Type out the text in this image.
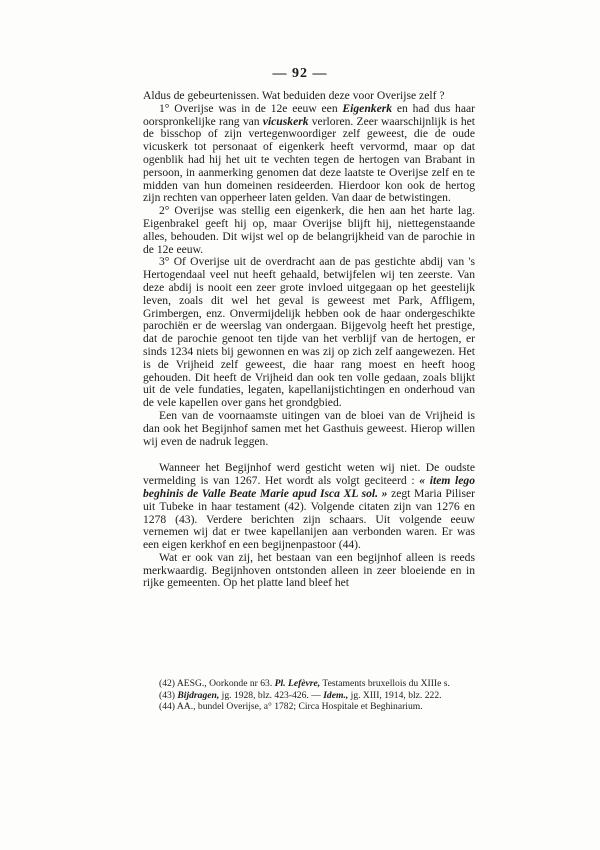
— 92 —

Aldus de gebeurtenissen. Wat beduiden deze voor Overijse zelf ?

1° Overijse was in de 12e eeuw een Eigenkerk en had dus haar oorspronkelijke rang van vicuskerk verloren. Zeer waarschijnlijk is het de bisschop of zijn vertegenwoordiger zelf geweest, die de oude vicuskerk tot personaat of eigenkerk heeft vervormd, maar op dat ogenblik had hij het uit te vechten tegen de hertogen van Brabant in persoon, in aanmerking genomen dat deze laatste te Overijse zelf en te midden van hun domeinen resideerden. Hierdoor kon ook de hertog zijn rechten van opperheer laten gelden. Van daar de betwistingen.

2° Overijse was stellig een eigenkerk, die hen aan het harte lag. Eigenbrakel geeft hij op, maar Overijse blijft hij, niettegenstaande alles, behouden. Dit wijst wel op de belangrijkheid van de parochie in de 12e eeuw.

3° Of Overijse uit de overdracht aan de pas gestichte abdij van 's Hertogendaal veel nut heeft gehaald, betwijfelen wij ten zeerste. Van deze abdij is nooit een zeer grote invloed uitgegaan op het geestelijk leven, zoals dit wel het geval is geweest met Park, Affligem, Grimbergen, enz. Onvermijdelijk hebben ook de haar ondergeschikte parochiën er de weerslag van ondergaan. Bijgevolg heeft het prestige, dat de parochie genoot ten tijde van het verblijf van de hertogen, er sinds 1234 niets bij gewonnen en was zij op zich zelf aangewezen. Het is de Vrijheid zelf geweest, die haar rang moest en heeft hoog gehouden. Dit heeft de Vrijheid dan ook ten volle gedaan, zoals blijkt uit de vele fundaties, legaten, kapellanijstichtingen en onderhoud van de vele kapellen over gans het grondgbied.

Een van de voornaamste uitingen van de bloei van de Vrijheid is dan ook het Begijnhof samen met het Gasthuis geweest. Hierop willen wij even de nadruk leggen.

Wanneer het Begijnhof werd gesticht weten wij niet. De oudste vermelding is van 1267. Het wordt als volgt geciteerd : « item lego beghinis de Valle Beate Marie apud Isca XL sol. » zegt Maria Piliser uit Tubeke in haar testament (42). Volgende citaten zijn van 1276 en 1278 (43). Verdere berichten zijn schaars. Uit volgende eeuw vernemen wij dat er twee kapellanijen aan verbonden waren. Er was een eigen kerkhof en een begijnenpastoor (44).

Wat er ook van zij, het bestaan van een begijnhof alleen is reeds merkwaardig. Begijnhoven ontstonden alleen in zeer bloeiende en in rijke gemeenten. Op het platte land bleef het

(42) AESG., Oorkonde nr 63. Pl. Lefèvre, Testaments bruxellois du XIIIe s.

(43) Bijdragen, jg. 1928, blz. 423-426. — Idem., jg. XIII, 1914, blz. 222.

(44) AA., bundel Overijse, a° 1782; Circa Hospitale et Beghinarium.
